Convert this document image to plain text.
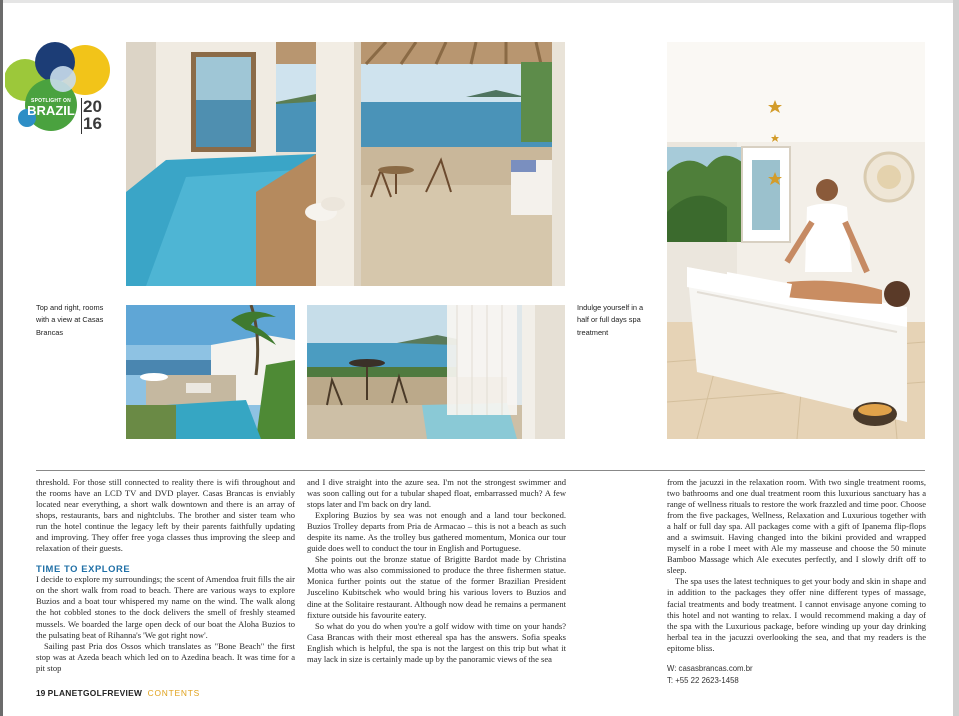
SPOTLIGHT ON
BRAZIL 20
16
Top and right, rooms
with a view at Casas
Brancas
Indulge yourself in a
half or full days spa
treatment

threshold. For those still connected to reality there is wifi throughout and the rooms have an LCD TV and DVD player. Casas Brancas is enviably located near everything, a short walk downtown and there is an array of shops, restaurants, bars and nightclubs. The brother and sister team who run the hotel continue the legacy left by their parents faithfully updating and improving. They offer free yoga classes thus improving the sleep and relaxation of their guests.

TIME TO EXPLORE

I decide to explore my surroundings; the scent of Amendoa fruit fills the air on the short walk from road to beach. There are various ways to explore Buzios and a boat tour whispered my name on the wind. The walk along the hot cobbled stones to the dock delivers the smell of freshly steamed mussels. We boarded the large open deck of our boat the Aloha Buzios to the pulsating beat of Rihanna's 'We got right now'.

Sailing past Pria dos Ossos which translates as "Bone Beach" the first stop was at Azeda beach which led on to Azedina beach. It was time for a pit stop

and I dive straight into the azure sea. I'm not the strongest swimmer and was soon calling out for a tubular shaped float, embarrassed much? A few stops later and I'm back on dry land.

Exploring Buzios by sea was not enough and a land tour beckoned. Buzios Trolley departs from Pria de Armacao – this is not a beach as such despite its name. As the trolley bus gathered momentum, Monica our tour guide does well to conduct the tour in English and Portuguese.

She points out the bronze statue of Brigitte Bardot made by Christina Motta who was also commissioned to produce the three fishermen statue. Monica further points out the statue of the former Brazilian President Juscelino Kubitschek who would bring his various lovers to Buzios and dine at the Solitaire restaurant. Although now dead he remains a permanent fixture outside his favourite eatery.

So what do you do when you're a golf widow with time on your hands? Casa Brancas with their most ethereal spa has the answers. Sofia speaks English which is helpful, the spa is not the largest on this trip but what it may lack in size is certainly made up by the panoramic views of the sea

from the jacuzzi in the relaxation room. With two single treatment rooms, two bathrooms and one dual treatment room this luxurious sanctuary has a range of wellness rituals to restore the work frazzled and time poor. Choose from the five packages, Wellness, Relaxation and Luxurious together with a half or full day spa. All packages come with a gift of Ipanema flip-flops and a swimsuit. Having changed into the bikini provided and wrapped myself in a robe I meet with Ale my masseuse and choose the 50 minute Bamboo Massage which Ale executes perfectly, and I slowly drift off to sleep.

The spa uses the latest techniques to get your body and skin in shape and in addition to the packages they offer nine different types of massage, facial treatments and body treatment. I cannot envisage anyone coming to this hotel and not wanting to relax. I would recommend making a day of the spa with the Luxurious package, before winding up your day drinking herbal tea in the jacuzzi overlooking the sea, and that my readers is the epitome bliss.

W: casasbrancas.com.br
T: +55 22 2623-1458
19 PLANETGOLFREVIEW CONTENTS
